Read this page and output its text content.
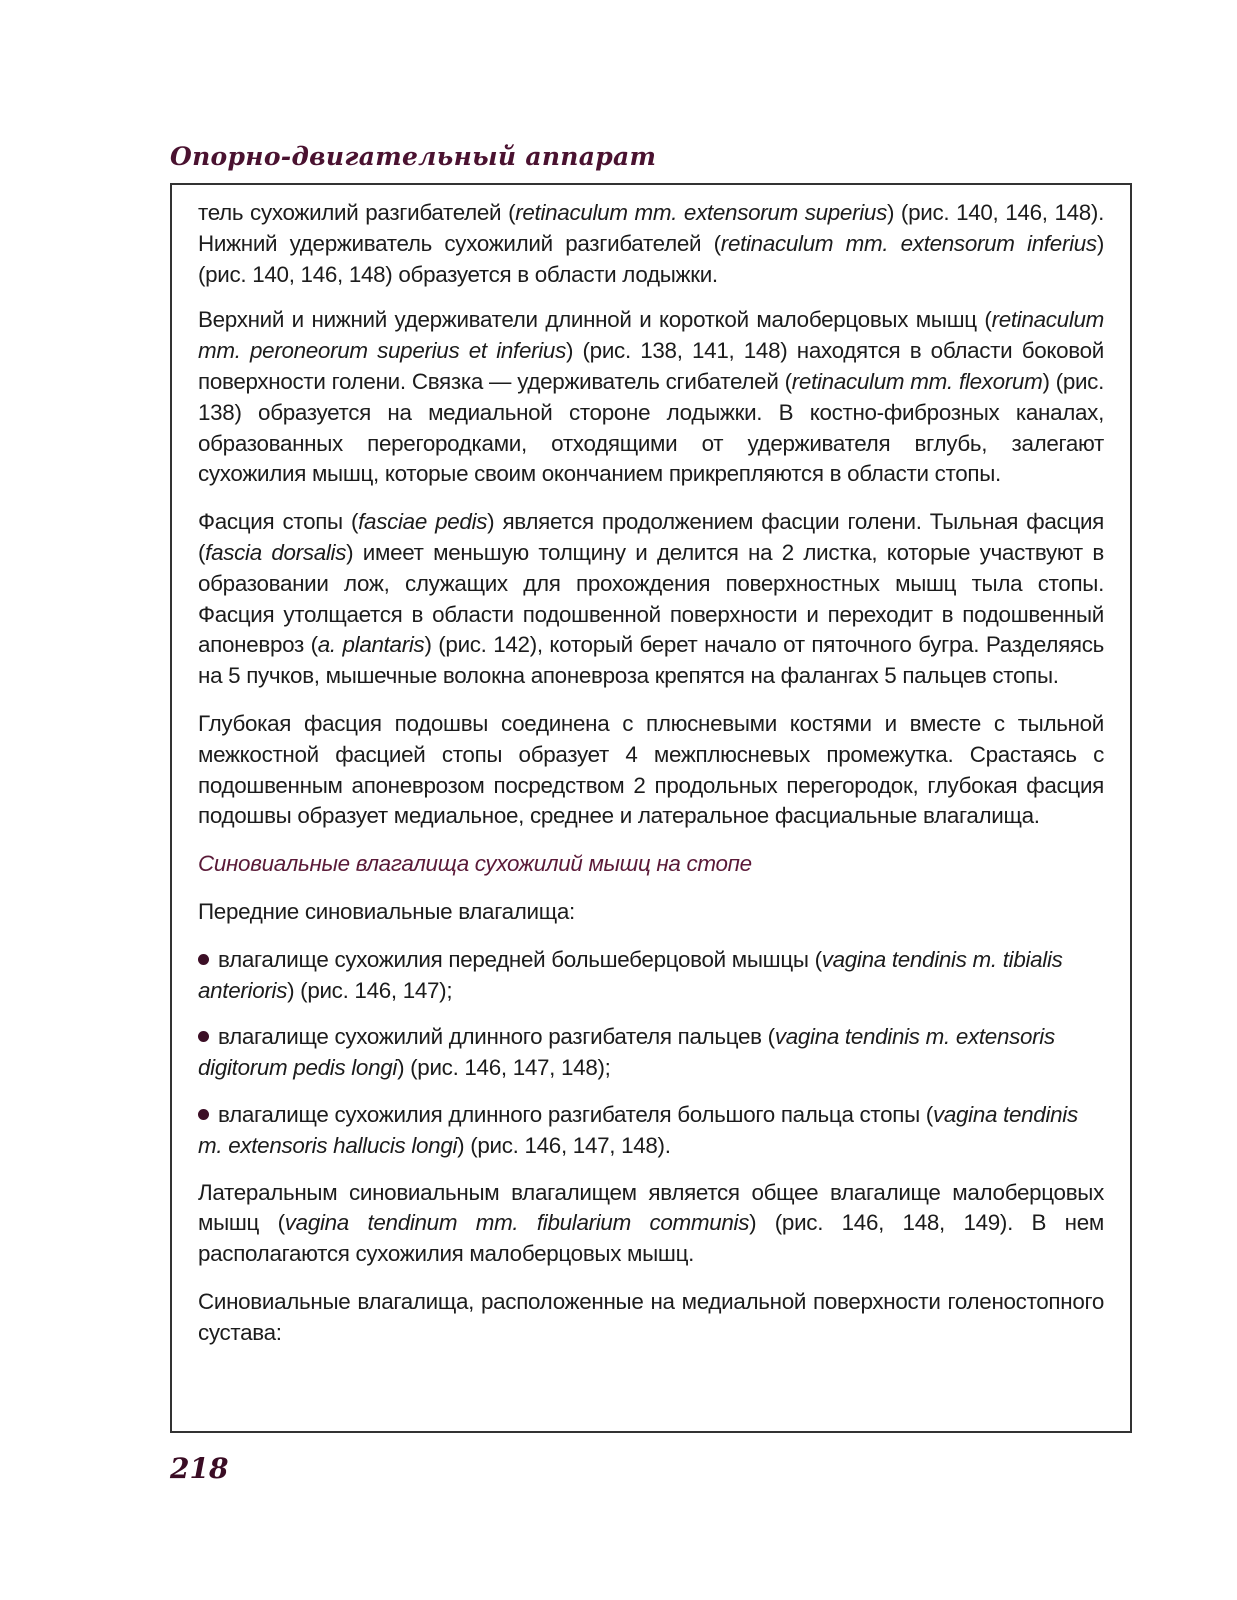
Опорно-двигательный аппарат

тель сухожилий разгибателей (retinaculum mm. extensorum superius) (рис. 140, 146, 148). Нижний удерживатель сухожилий разгибателей (retinaculum mm. extensorum inferius) (рис. 140, 146, 148) образуется в области лодыжки.

Верхний и нижний удерживатели длинной и короткой малоберцовых мышц (retinaculum mm. peroneorum superius et inferius) (рис. 138, 141, 148) находятся в области боковой поверхности голени. Связка — удерживатель сгибателей (retinaculum mm. flexorum) (рис. 138) образуется на медиальной стороне лодыжки. В костно-фиброзных каналах, образованных перегородками, отходящими от удерживателя вглубь, залегают сухожилия мышц, которые своим окончанием прикрепляются в области стопы.

Фасция стопы (fasciae pedis) является продолжением фасции голени. Тыльная фасция (fascia dorsalis) имеет меньшую толщину и делится на 2 листка, которые участвуют в образовании лож, служащих для прохождения поверхностных мышц тыла стопы. Фасция утолщается в области подошвенной поверхности и переходит в подошвенный апоневроз (a. plantaris) (рис. 142), который берет начало от пяточного бугра. Разделяясь на 5 пучков, мышечные волокна апоневроза крепятся на фалангах 5 пальцев стопы.

Глубокая фасция подошвы соединена с плюсневыми костями и вместе с тыльной межкостной фасцией стопы образует 4 межплюсневых промежутка. Срастаясь с подошвенным апоневрозом посредством 2 продольных перегородок, глубокая фасция подошвы образует медиальное, среднее и латеральное фасциальные влагалища.

Синовиальные влагалища сухожилий мышц на стопе

Передние синовиальные влагалища:

влагалище сухожилия передней большеберцовой мышцы (vagina tendinis m. tibialis anterioris) (рис. 146, 147);

влагалище сухожилий длинного разгибателя пальцев (vagina tendinis m. extensoris digitorum pedis longi) (рис. 146, 147, 148);

влагалище сухожилия длинного разгибателя большого пальца стопы (vagina tendinis m. extensoris hallucis longi) (рис. 146, 147, 148).

Латеральным синовиальным влагалищем является общее влагалище малоберцовых мышц (vagina tendinum mm. fibularium communis) (рис. 146, 148, 149). В нем располагаются сухожилия малоберцовых мышц.

Синовиальные влагалища, расположенные на медиальной поверхности голеностопного сустава:

218
